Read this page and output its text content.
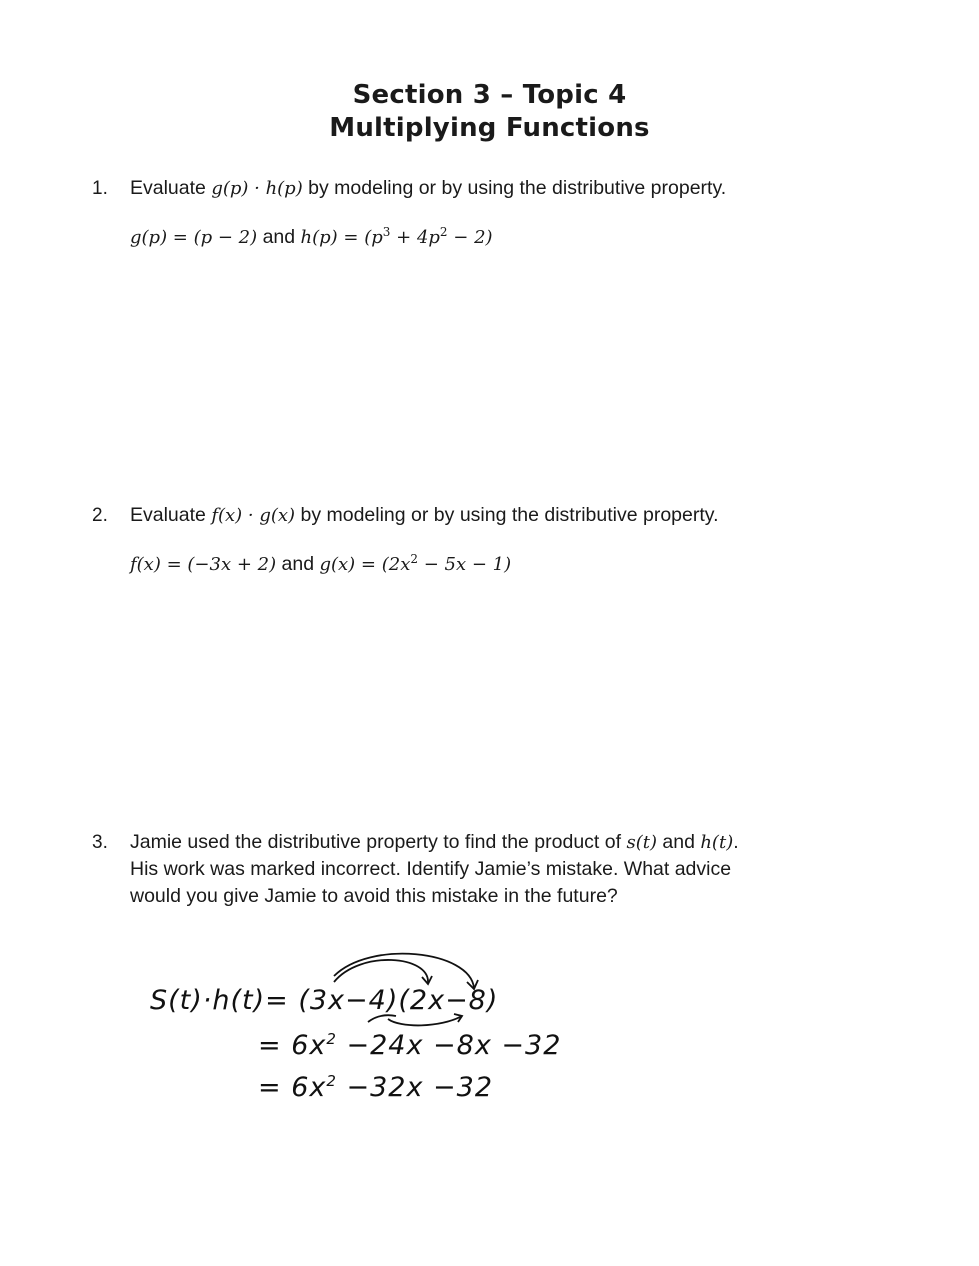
Section 3 – Topic 4
Multiplying Functions
1. Evaluate g(p) · h(p) by modeling or by using the distributive property.
g(p) = (p − 2) and $h(p) = (p^3 + 4p^2 - 2)$
2. Evaluate f(x) · g(x) by modeling or by using the distributive property.
f(x) = (−3x + 2) and $g(x) = (2x^2 - 5x - 1)$
3. Jamie used the distributive property to find the product of s(t) and h(t).
His work was marked incorrect. Identify Jamie’s mistake. What advice
would you give Jamie to avoid this mistake in the future?
S(t)·h(t)= (3x−4)(2x−8)
= $6x^2 -24x -8x -32$
= $6x^2 -32x -32$
